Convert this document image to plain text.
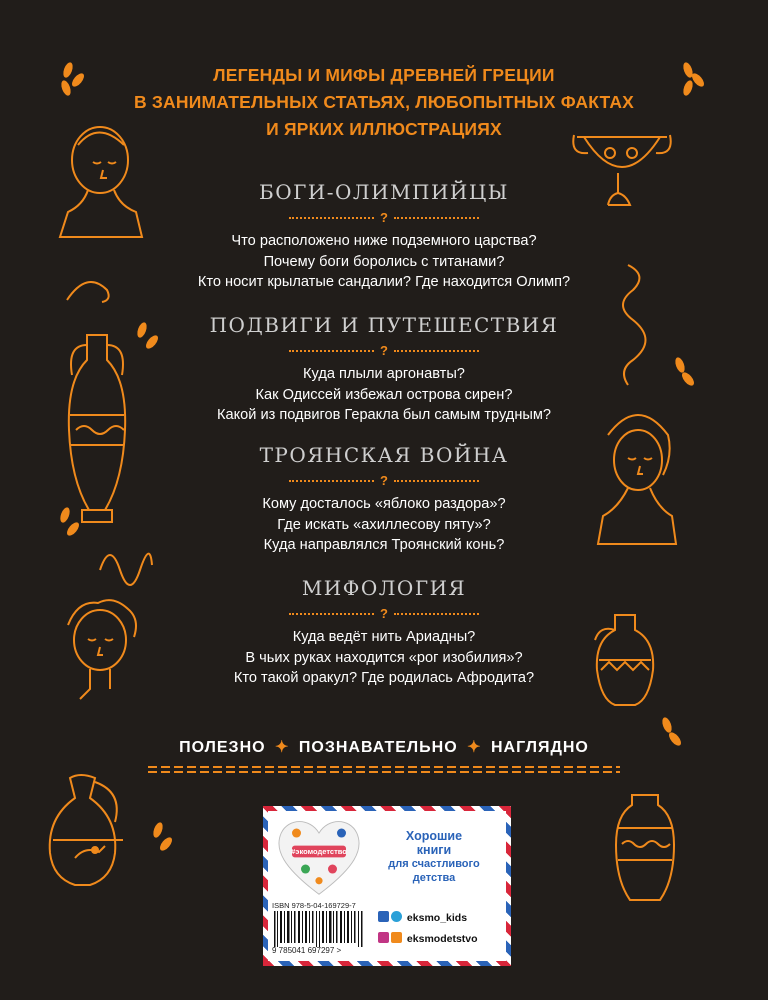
ЛЕГЕНДЫ И МИФЫ ДРЕВНЕЙ ГРЕЦИИ
В ЗАНИМАТЕЛЬНЫХ СТАТЬЯХ, ЛЮБОПЫТНЫХ ФАКТАХ
И ЯРКИХ ИЛЛЮСТРАЦИЯХ
БОГИ-ОЛИМПИЙЦЫ
?
Что расположено ниже подземного царства?
Почему боги боролись с титанами?
Кто носит крылатые сандалии? Где находится Олимп?
ПОДВИГИ И ПУТЕШЕСТВИЯ
?
Куда плыли аргонавты?
Как Одиссей избежал острова сирен?
Какой из подвигов Геракла был самым трудным?
ТРОЯНСКАЯ ВОЙНА
?
Кому досталось «яблоко раздора»?
Где искать «ахиллесову пяту»?
Куда направлялся Троянский конь?
МИФОЛОГИЯ
?
Куда ведёт нить Ариадны?
В чьих руках находится «рог изобилия»?
Кто такой оракул? Где родилась Афродита?
ПОЛЕЗНО ✦ ПОЗНАВАТЕЛЬНО ✦ НАГЛЯДНО
#экомодетство
Хорошие
книги
для счастливого
детства
ISBN 978-5-04-169729-7
9 785041 697297 >
eksmo_kids
eksmodetstvo
